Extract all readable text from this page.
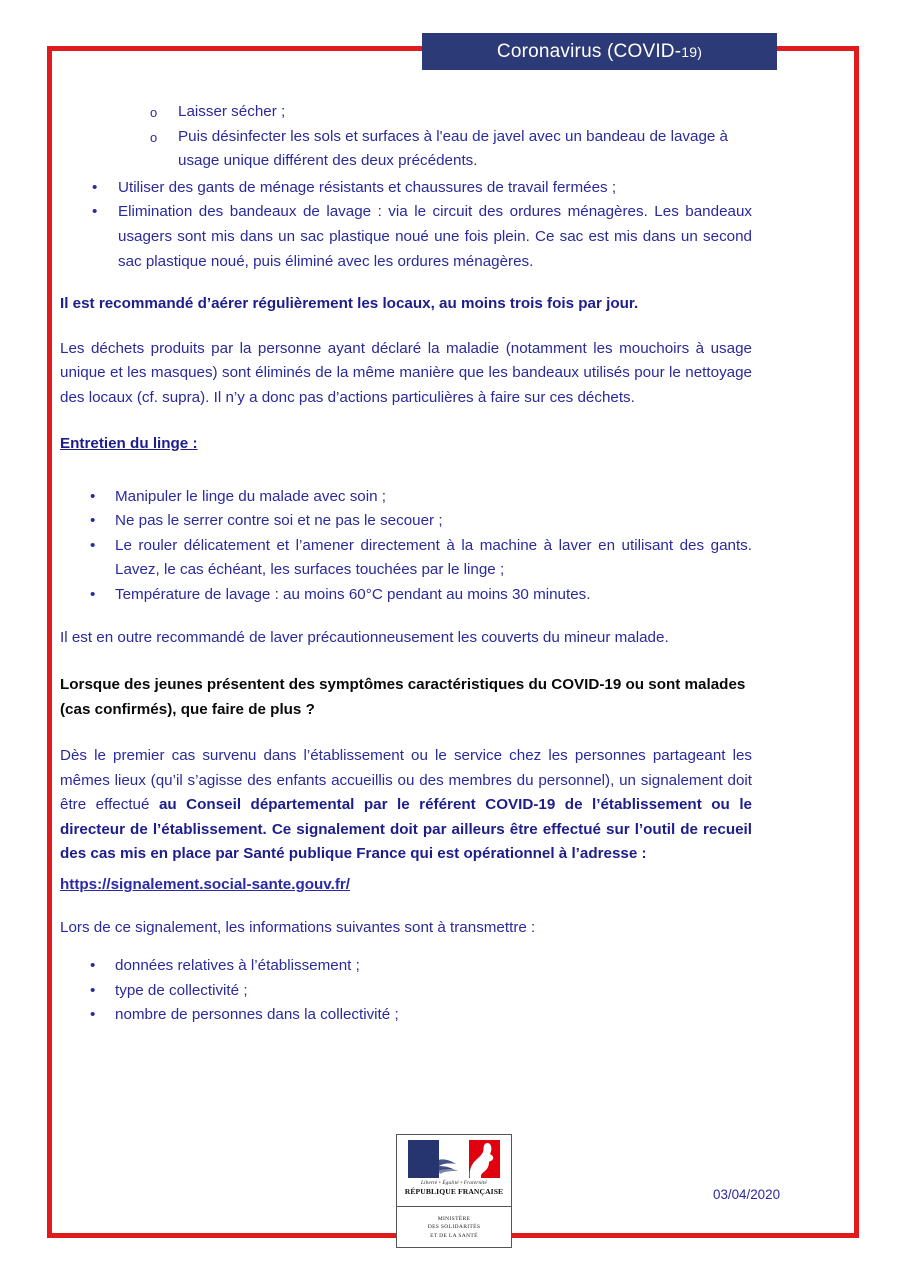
Coronavirus (COVID-19)
o Laisser sécher ;
o Puis désinfecter les sols et surfaces à l'eau de javel avec un bandeau de lavage à usage unique différent des deux précédents.
• Utiliser des gants de ménage résistants et chaussures de travail fermées ;
• Elimination des bandeaux de lavage : via le circuit des ordures ménagères. Les bandeaux usagers sont mis dans un sac plastique noué une fois plein. Ce sac est mis dans un second sac plastique noué, puis éliminé avec les ordures ménagères.

Il est recommandé d’aérer régulièrement les locaux, au moins trois fois par jour.

Les déchets produits par la personne ayant déclaré la maladie (notamment les mouchoirs à usage unique et les masques) sont éliminés de la même manière que les bandeaux utilisés pour le nettoyage des locaux (cf. supra). Il n’y a donc pas d’actions particulières à faire sur ces déchets.

Entretien du linge :
• Manipuler le linge du malade avec soin ;
• Ne pas le serrer contre soi et ne pas le secouer ;
• Le rouler délicatement et l’amener directement à la machine à laver en utilisant des gants. Lavez, le cas échéant, les surfaces touchées par le linge ;
• Température de lavage : au moins 60°C pendant au moins 30 minutes.

Il est en outre recommandé de laver précautionneusement les couverts du mineur malade.

Lorsque des jeunes présentent des symptômes caractéristiques du COVID-19 ou sont malades (cas confirmés), que faire de plus ?

Dès le premier cas survenu dans l’établissement ou le service chez les personnes partageant les mêmes lieux (qu’il s’agisse des enfants accueillis ou des membres du personnel), un signalement doit être effectué au Conseil départemental par le référent COVID-19 de l’établissement ou le directeur de l’établissement. Ce signalement doit par ailleurs être effectué sur l’outil de recueil des cas mis en place par Santé publique France qui est opérationnel à l’adresse :

https://signalement.social-sante.gouv.fr/

Lors de ce signalement, les informations suivantes sont à transmettre :

• données relatives à l’établissement ;
• type de collectivité ;
• nombre de personnes dans la collectivité ;
Liberté • Égalité • Fraternité
RÉPUBLIQUE FRANÇAISE
MINISTÈRE
DES SOLIDARITÉS
ET DE LA SANTÉ
03/04/2020
